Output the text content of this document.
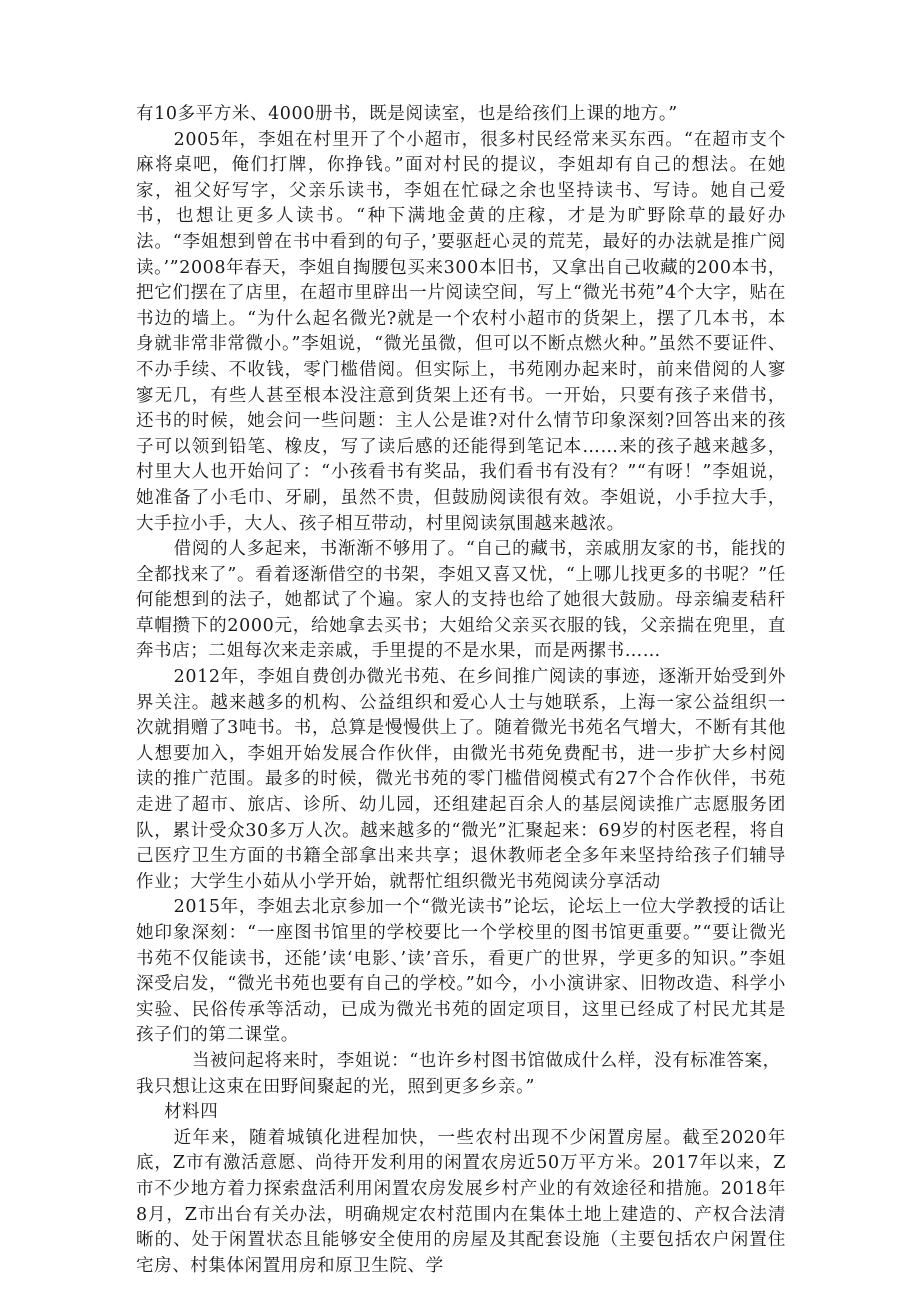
有10多平方米、4000册书，既是阅读室，也是给孩们上课的地方。”

2005年，李姐在村里开了个小超市，很多村民经常来买东西。“在超市支个麻将桌吧，俺们打牌，你挣钱。”面对村民的提议，李姐却有自己的想法。在她家，祖父好写字，父亲乐读书，李姐在忙碌之余也坚持读书、写诗。她自己爱书，也想让更多人读书。“种下满地金黄的庄稼，才是为旷野除草的最好办法。“李姐想到曾在书中看到的句子，’要驱赶心灵的荒芜，最好的办法就是推广阅读。’”2008年春天，李姐自掏腰包买来300本旧书，又拿出自己收藏的200本书，把它们摆在了店里，在超市里辟出一片阅读空间，写上“微光书苑”4个大字，贴在书边的墙上。“为什么起名微光?就是一个农村小超市的货架上，摆了几本书，本身就非常非常微小。”李姐说，“微光虽微，但可以不断点燃火种。”虽然不要证件、不办手续、不收钱，零门槛借阅。但实际上，书苑刚办起来时，前来借阅的人寥寥无几，有些人甚至根本没注意到货架上还有书。一开始，只要有孩子来借书，还书的时候，她会问一些问题：主人公是谁?对什么情节印象深刻?回答出来的孩子可以领到铅笔、橡皮，写了读后感的还能得到笔记本……来的孩子越来越多，村里大人也开始问了：“小孩看书有奖品，我们看书有没有？”“有呀！”李姐说，她准备了小毛巾、牙刷，虽然不贵，但鼓励阅读很有效。李姐说，小手拉大手，大手拉小手，大人、孩子相互带动，村里阅读氛围越来越浓。

借阅的人多起来，书渐渐不够用了。“自己的藏书，亲戚朋友家的书，能找的全都找来了”。看着逐渐借空的书架，李姐又喜又忧，“上哪儿找更多的书呢？”任何能想到的法子，她都试了个遍。家人的支持也给了她很大鼓励。母亲编麦秸秆草帽攒下的2000元，给她拿去买书；大姐给父亲买衣服的钱，父亲揣在兜里，直奔书店；二姐每次来走亲戚，手里提的不是水果，而是两摞书……

2012年，李姐自费创办微光书苑、在乡间推广阅读的事迹，逐渐开始受到外界关注。越来越多的机构、公益组织和爱心人士与她联系，上海一家公益组织一次就捐赠了3吨书。书，总算是慢慢供上了。随着微光书苑名气增大，不断有其他人想要加入，李姐开始发展合作伙伴，由微光书苑免费配书，进一步扩大乡村阅读的推广范围。最多的时候，微光书苑的零门槛借阅模式有27个合作伙伴，书苑走进了超市、旅店、诊所、幼儿园，还组建起百余人的基层阅读推广志愿服务团队，累计受众30多万人次。越来越多的“微光”汇聚起来：69岁的村医老程，将自己医疗卫生方面的书籍全部拿出来共享；退休教师老全多年来坚持给孩子们辅导作业；大学生小茹从小学开始，就帮忙组织微光书苑阅读分享活动

2015年，李姐去北京参加一个“微光读书”论坛，论坛上一位大学教授的话让她印象深刻：“一座图书馆里的学校要比一个学校里的图书馆更重要。”“要让微光书苑不仅能读书，还能’读‘电影、’读’音乐，看更广的世界，学更多的知识。”李姐深受启发，“微光书苑也要有自己的学校。”如今，小小演讲家、旧物改造、科学小实验、民俗传承等活动，已成为微光书苑的固定项目，这里已经成了村民尤其是孩子们的第二课堂。

当被问起将来时，李姐说：“也许乡村图书馆做成什么样，没有标准答案，
我只想让这束在田野间聚起的光，照到更多乡亲。”

材料四

近年来，随着城镇化进程加快，一些农村出现不少闲置房屋。截至2020年底，Z市有激活意愿、尚待开发利用的闲置农房近50万平方米。2017年以来，Z市不少地方着力探索盘活利用闲置农房发展乡村产业的有效途径和措施。2018年8月，Z市出台有关办法，明确规定农村范围内在集体土地上建造的、产权合法清晰的、处于闲置状态且能够安全使用的房屋及其配套设施（主要包括农户闲置住宅房、村集体闲置用房和原卫生院、学
